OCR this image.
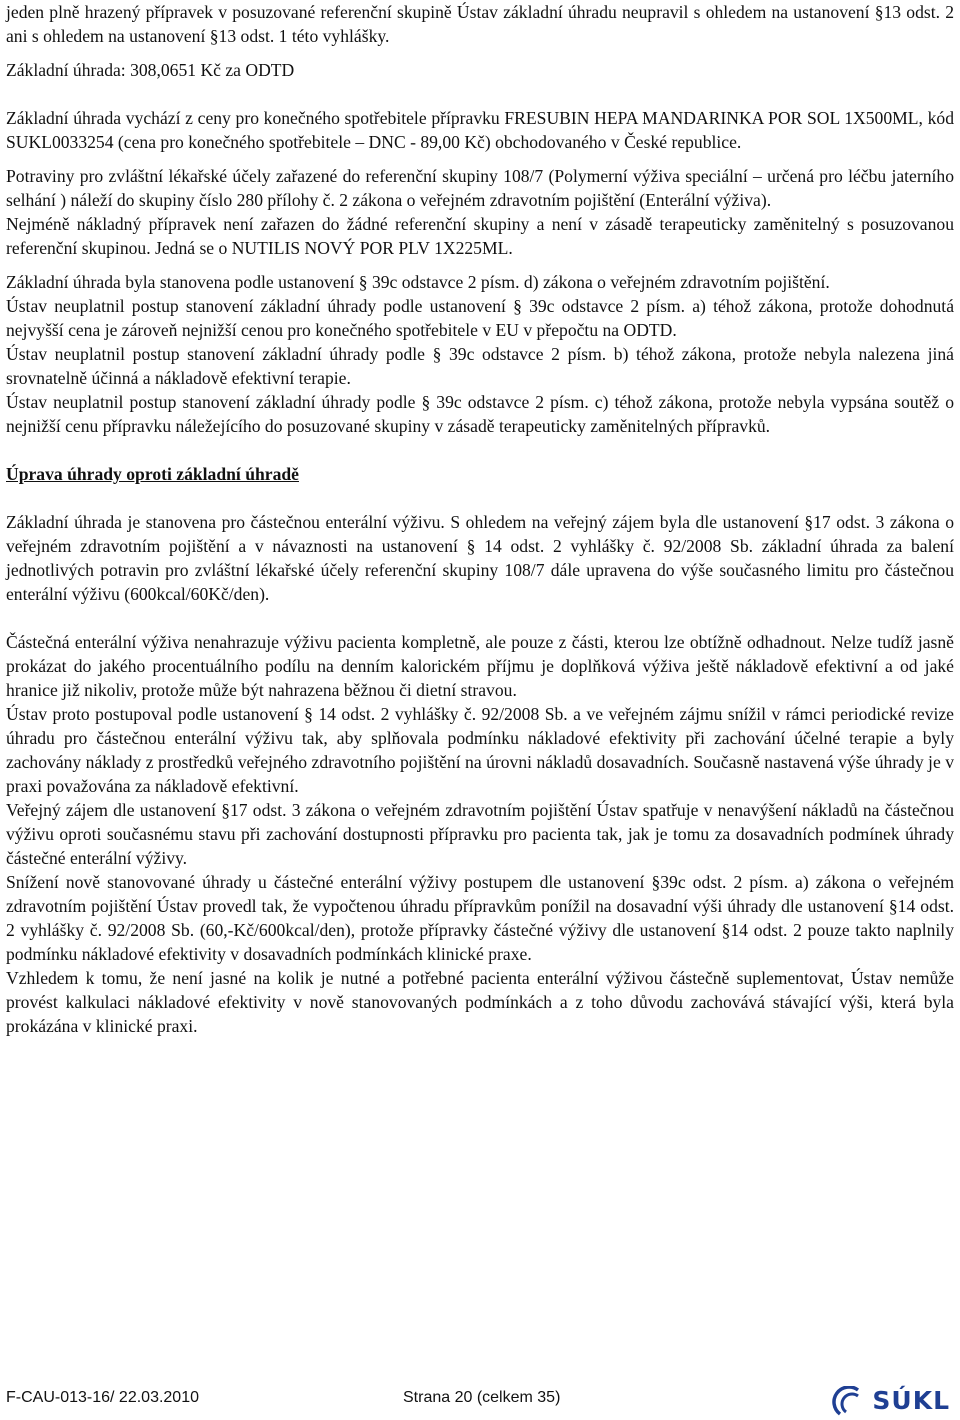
jeden plně hrazený přípravek v posuzované referenční skupině Ústav základní úhradu neupravil s ohledem na ustanovení §13 odst. 2 ani s ohledem na ustanovení §13 odst. 1 této vyhlášky.

Základní úhrada: 308,0651 Kč za ODTD

Základní úhrada vychází z ceny pro konečného spotřebitele přípravku FRESUBIN HEPA MANDARINKA POR SOL 1X500ML, kód SUKL0033254 (cena pro konečného spotřebitele – DNC - 89,00 Kč) obchodovaného v České republice.

Potraviny pro zvláštní lékařské účely zařazené do referenční skupiny 108/7 (Polymerní výživa speciální – určená pro léčbu jaterního selhání ) náleží do skupiny číslo 280 přílohy č. 2 zákona o veřejném zdravotním pojištění (Enterální výživa).

Nejméně nákladný přípravek není zařazen do žádné referenční skupiny a není v zásadě terapeuticky zaměnitelný s posuzovanou referenční skupinou. Jedná se o NUTILIS NOVÝ POR PLV 1X225ML.

Základní úhrada byla stanovena podle ustanovení § 39c odstavce 2 písm. d) zákona o veřejném zdravotním pojištění.

Ústav neuplatnil postup stanovení základní úhrady podle ustanovení § 39c odstavce 2 písm. a) téhož zákona, protože dohodnutá nejvyšší cena je zároveň nejnižší cenou pro konečného spotřebitele v EU v přepočtu na ODTD.

Ústav neuplatnil postup stanovení základní úhrady podle § 39c odstavce 2 písm. b) téhož zákona, protože nebyla nalezena jiná srovnatelně účinná a nákladově efektivní terapie.

Ústav neuplatnil postup stanovení základní úhrady podle § 39c odstavce 2 písm. c) téhož zákona, protože nebyla vypsána soutěž o nejnižší cenu přípravku náležejícího do posuzované skupiny v zásadě terapeuticky zaměnitelných přípravků.

Úprava úhrady oproti základní úhradě

Základní úhrada je stanovena pro částečnou enterální výživu. S ohledem na veřejný zájem byla dle ustanovení §17 odst. 3 zákona o veřejném zdravotním pojištění a v návaznosti na ustanovení § 14 odst. 2 vyhlášky č. 92/2008 Sb. základní úhrada za balení jednotlivých potravin pro zvláštní lékařské účely referenční skupiny 108/7 dále upravena do výše současného limitu pro částečnou enterální výživu (600kcal/60Kč/den).

Částečná enterální výživa nenahrazuje výživu pacienta kompletně, ale pouze z části, kterou lze obtížně odhadnout. Nelze tudíž jasně prokázat do jakého procentuálního podílu na denním kalorickém příjmu je doplňková výživa ještě nákladově efektivní a od jaké hranice již nikoliv, protože může být nahrazena běžnou či dietní stravou.

Ústav proto postupoval podle ustanovení § 14 odst. 2 vyhlášky č. 92/2008 Sb. a ve veřejném zájmu snížil v rámci periodické revize úhradu pro částečnou enterální výživu tak, aby splňovala podmínku nákladové efektivity při zachování účelné terapie a byly zachovány náklady z prostředků veřejného zdravotního pojištění na úrovni nákladů dosavadních. Současně nastavená výše úhrady je v praxi považována za nákladově efektivní.

Veřejný zájem dle ustanovení §17 odst. 3 zákona o veřejném zdravotním pojištění Ústav spatřuje v nenavýšení nákladů na částečnou výživu oproti současnému stavu při zachování dostupnosti přípravku pro pacienta tak, jak je tomu za dosavadních podmínek úhrady částečné enterální výživy.

Snížení nově stanovované úhrady u částečné enterální výživy postupem dle ustanovení §39c odst. 2 písm. a) zákona o veřejném zdravotním pojištění Ústav provedl tak, že vypočtenou úhradu přípravkům ponížil na dosavadní výši úhrady dle ustanovení §14 odst. 2 vyhlášky č. 92/2008 Sb. (60,-Kč/600kcal/den), protože přípravky částečné výživy dle ustanovení §14 odst. 2 pouze takto naplnily podmínku nákladové efektivity v dosavadních podmínkách klinické praxe.

Vzhledem k tomu, že není jasné na kolik je nutné a potřebné pacienta enterální výživou částečně suplementovat, Ústav nemůže provést kalkulaci nákladové efektivity v nově stanovovaných podmínkách a z toho důvodu zachovává stávající výši, která byla prokázána v klinické praxi.

F-CAU-013-16/ 22.03.2010	Strana 20 (celkem 35)	SÚKL
